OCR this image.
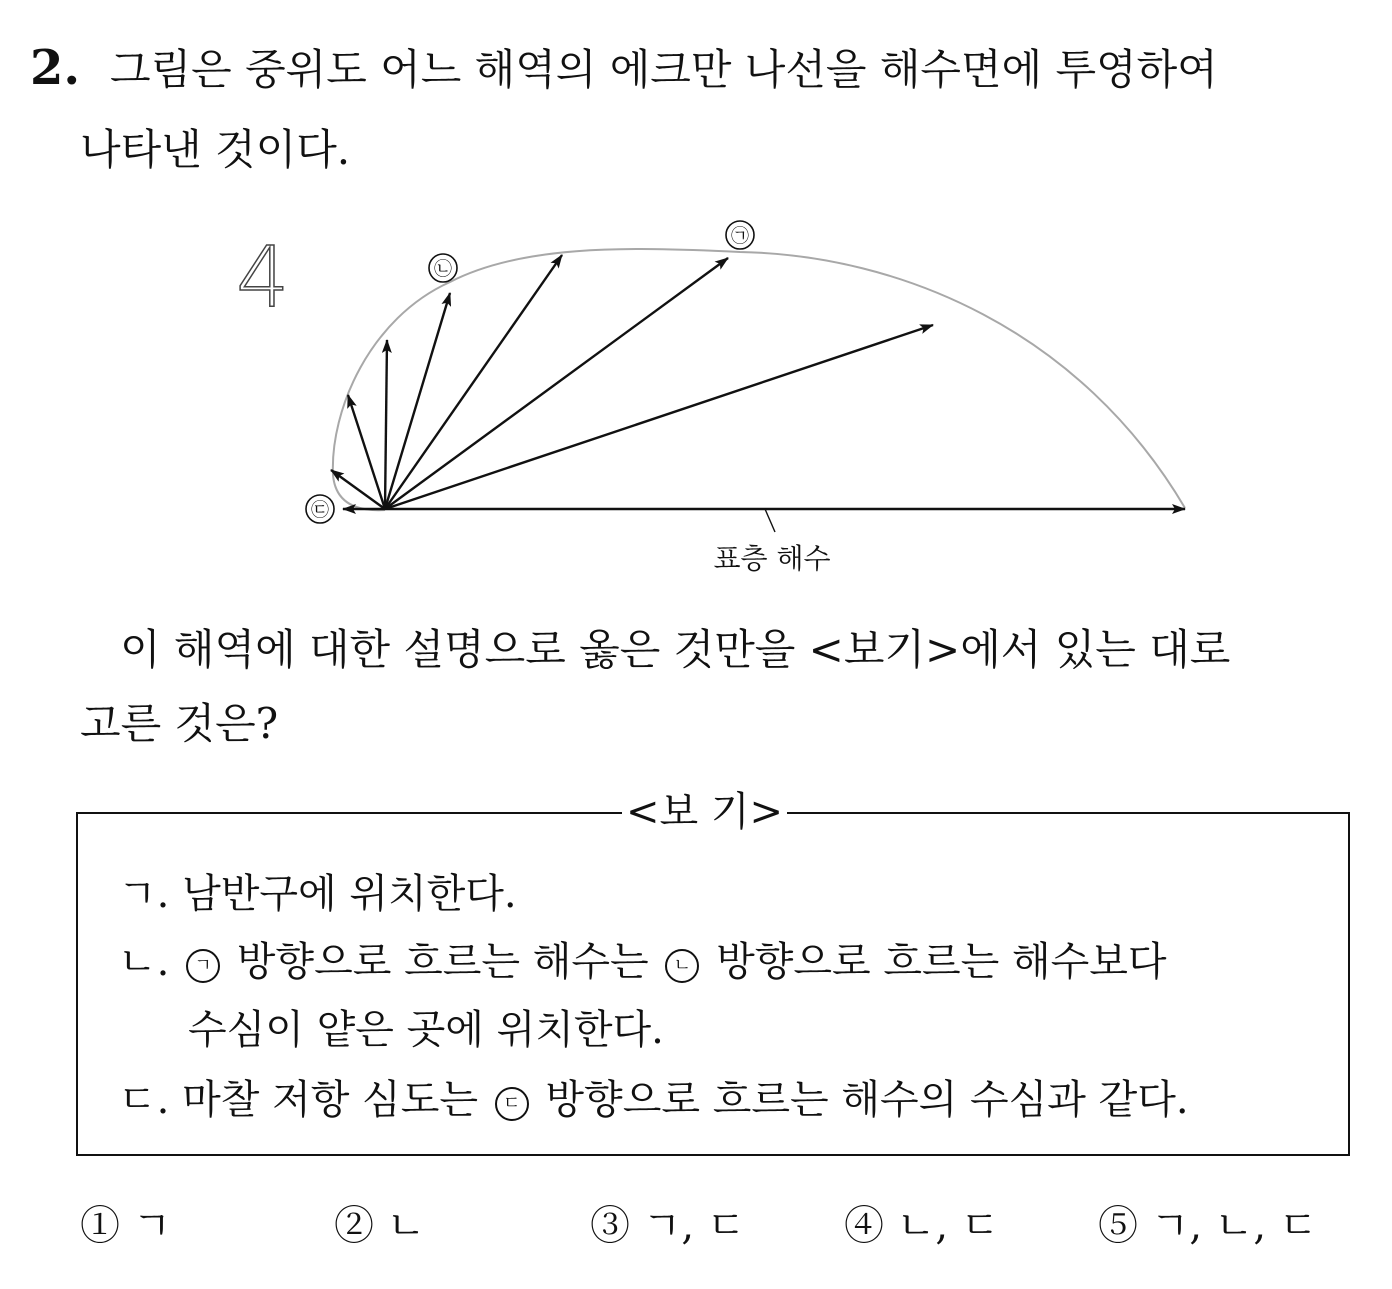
2. 그림은 중위도 어느 해역의 에크만 나선을 해수면에 투영하여
나타낸 것이다.
4	㉠
㉡
㉢
표층 해수
이 해역에 대한 설명으로 옳은 것만을 <보기>에서 있는 대로
고른 것은?
<보 기>
ㄱ. 남반구에 위치한다.
ㄴ. ㄱ 방향으로 흐르는 해수는 ㄴ 방향으로 흐르는 해수보다
수심이 얕은 곳에 위치한다.
ㄷ. 마찰 저항 심도는 ㄷ 방향으로 흐르는 해수의 수심과 같다.
① ㄱ	② ㄴ	③ ㄱ, ㄷ ④ ㄴ, ㄷ ⑤ ㄱ, ㄴ, ㄷ
